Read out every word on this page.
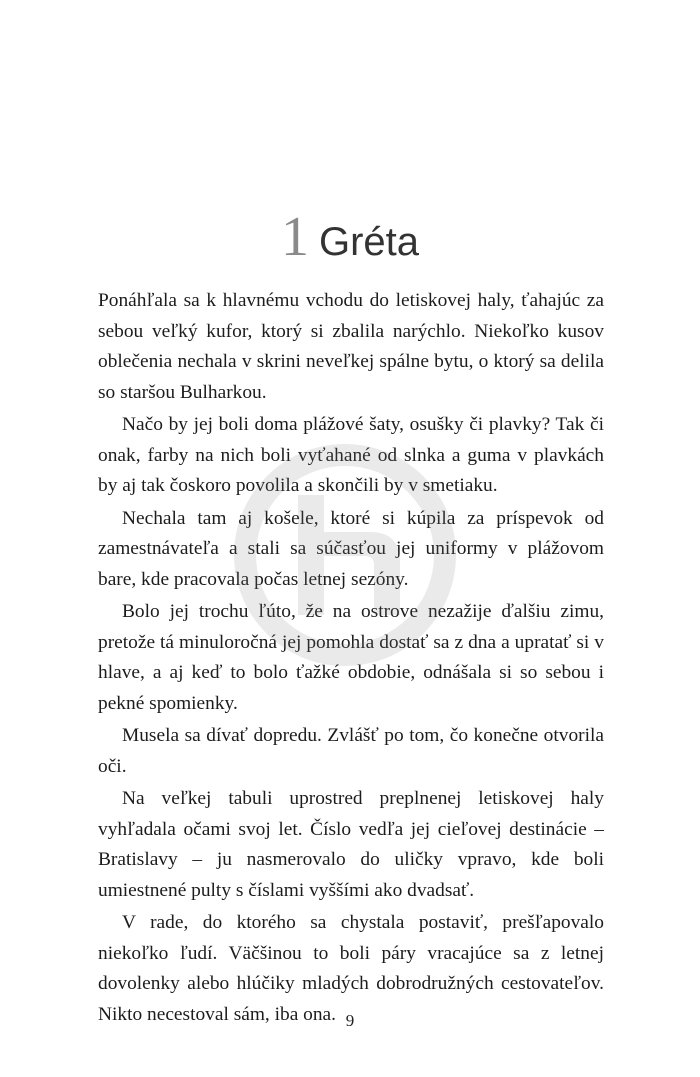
1 Gréta

Ponáhľala sa k hlavnému vchodu do letiskovej haly, ťahajúc za sebou veľký kufor, ktorý si zbalila narýchlo. Niekoľko kusov oblečenia nechala v skrini neveľkej spálne bytu, o ktorý sa delila so staršou Bulharkou.

Načo by jej boli doma plážové šaty, osušky či plavky? Tak či onak, farby na nich boli vyťahané od slnka a guma v plavkách by aj tak čoskoro povolila a skončili by v smetiaku.

Nechala tam aj košele, ktoré si kúpila za príspevok od zamestnávateľa a stali sa súčasťou jej uniformy v plážovom bare, kde pracovala počas letnej sezóny.

Bolo jej trochu ľúto, že na ostrove nezažije ďalšiu zimu, pretože tá minuloročná jej pomohla dostať sa z dna a upratať si v hlave, a aj keď to bolo ťažké obdobie, odnášala si so sebou i pekné spomienky.

Musela sa dívať dopredu. Zvlášť po tom, čo konečne otvorila oči.

Na veľkej tabuli uprostred preplnenej letiskovej haly vyhľadala očami svoj let. Číslo vedľa jej cieľovej destinácie – Bratislavy – ju nasmerovalo do uličky vpravo, kde boli umiestnené pulty s číslami vyššími ako dvadsať.

V rade, do ktorého sa chystala postaviť, prešľapovalo niekoľko ľudí. Väčšinou to boli páry vracajúce sa z letnej dovolenky alebo hlúčiky mladých dobrodružných cestovateľov. Nikto necestoval sám, iba ona. 9
